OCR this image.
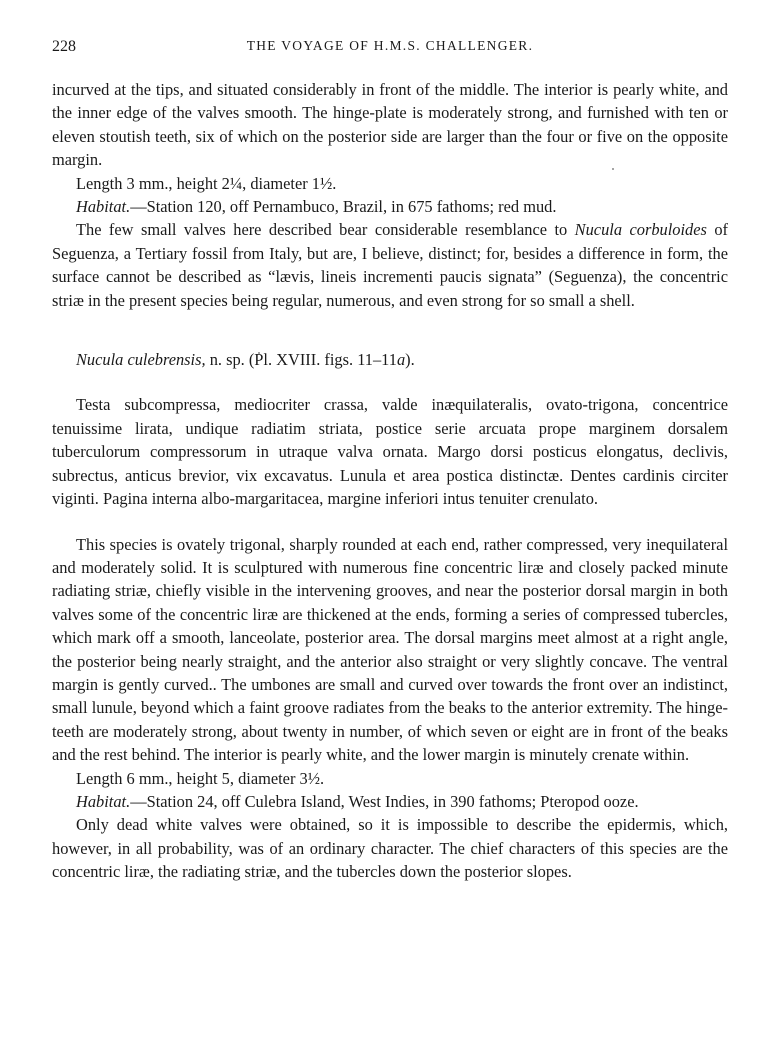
228	THE VOYAGE OF H.M.S. CHALLENGER.

incurved at the tips, and situated considerably in front of the middle. The interior is pearly white, and the inner edge of the valves smooth. The hinge-plate is moderately strong, and furnished with ten or eleven stoutish teeth, six of which on the posterior side are larger than the four or five on the opposite margin.

Length 3 mm., height 2¼, diameter 1½.

Habitat.—Station 120, off Pernambuco, Brazil, in 675 fathoms; red mud.

The few small valves here described bear considerable resemblance to Nucula corbuloides of Seguenza, a Tertiary fossil from Italy, but are, I believe, distinct; for, besides a difference in form, the surface cannot be described as “lævis, lineis incrementi paucis signata” (Seguenza), the concentric striæ in the present species being regular, numerous, and even strong for so small a shell.

Nucula culebrensis, n. sp. (Pl. XVIII. figs. 11–11a).

Testa subcompressa, mediocriter crassa, valde inæquilateralis, ovato-trigona, concentrice tenuissime lirata, undique radiatim striata, postice serie arcuata prope marginem dorsalem tuberculorum compressorum in utraque valva ornata. Margo dorsi posticus elongatus, declivis, subrectus, anticus brevior, vix excavatus. Lunula et area postica distinctæ. Dentes cardinis circiter viginti. Pagina interna albo-margaritacea, margine inferiori intus tenuiter crenulato.

This species is ovately trigonal, sharply rounded at each end, rather compressed, very inequilateral and moderately solid. It is sculptured with numerous fine concentric liræ and closely packed minute radiating striæ, chiefly visible in the intervening grooves, and near the posterior dorsal margin in both valves some of the concentric liræ are thickened at the ends, forming a series of compressed tubercles, which mark off a smooth, lanceolate, posterior area. The dorsal margins meet almost at a right angle, the posterior being nearly straight, and the anterior also straight or very slightly concave. The ventral margin is gently curved.. The umbones are small and curved over towards the front over an indistinct, small lunule, beyond which a faint groove radiates from the beaks to the anterior extremity. The hinge-teeth are moderately strong, about twenty in number, of which seven or eight are in front of the beaks and the rest behind. The interior is pearly white, and the lower margin is minutely crenate within.

Length 6 mm., height 5, diameter 3½.

Habitat.—Station 24, off Culebra Island, West Indies, in 390 fathoms; Pteropod ooze.

Only dead white valves were obtained, so it is impossible to describe the epidermis, which, however, in all probability, was of an ordinary character. The chief characters of this species are the concentric liræ, the radiating striæ, and the tubercles down the posterior slopes.
